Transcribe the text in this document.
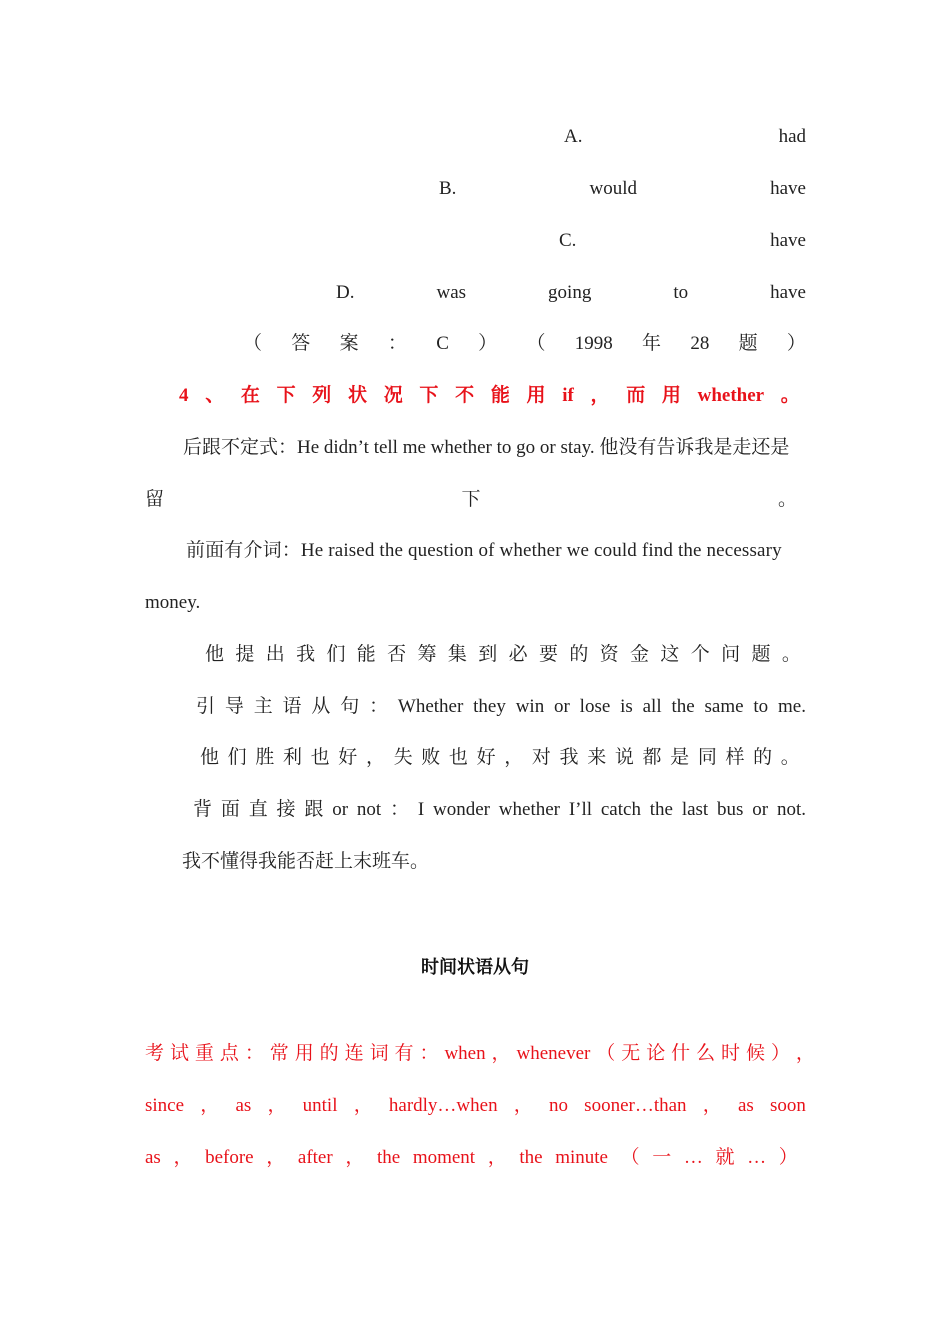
A.	had
B.	would	have
C.	have
D.	was	going	to	have
（ 答 案 ： C ） （ 1998 年 28 题 ）
4 、 在 下 列 状 况 下 不 能 用 if ， 而 用 whether 。
后跟不定式：He didn’t tell me whether to go or stay. 他没有告诉我是走还是
留	下	。
前面有介词：He raised the question of whether we could find the necessary
money.
他 提 出 我 们 能 否 筹 集 到 必 要 的 资 金 这 个 问 题 。
引 导 主 语 从 句 ： Whether they win or lose is all the same to me.
他 们 胜 利 也 好 ， 失 败 也 好 ， 对 我 来 说 都 是 同 样 的 。
背 面 直 接 跟 or not ： I wonder whether I’ll catch the last bus or not.
我不懂得我能否赶上末班车。
时间状语从句
考 试 重 点 ： 常 用 的 连 词 有 ： when ， whenever （ 无 论 什 么 时 候 ） ，
since ， as ， until ， hardly…when ， no sooner…than ， as soon
as ， before ， after ， the moment ， the minute （ 一 … 就 … ）
